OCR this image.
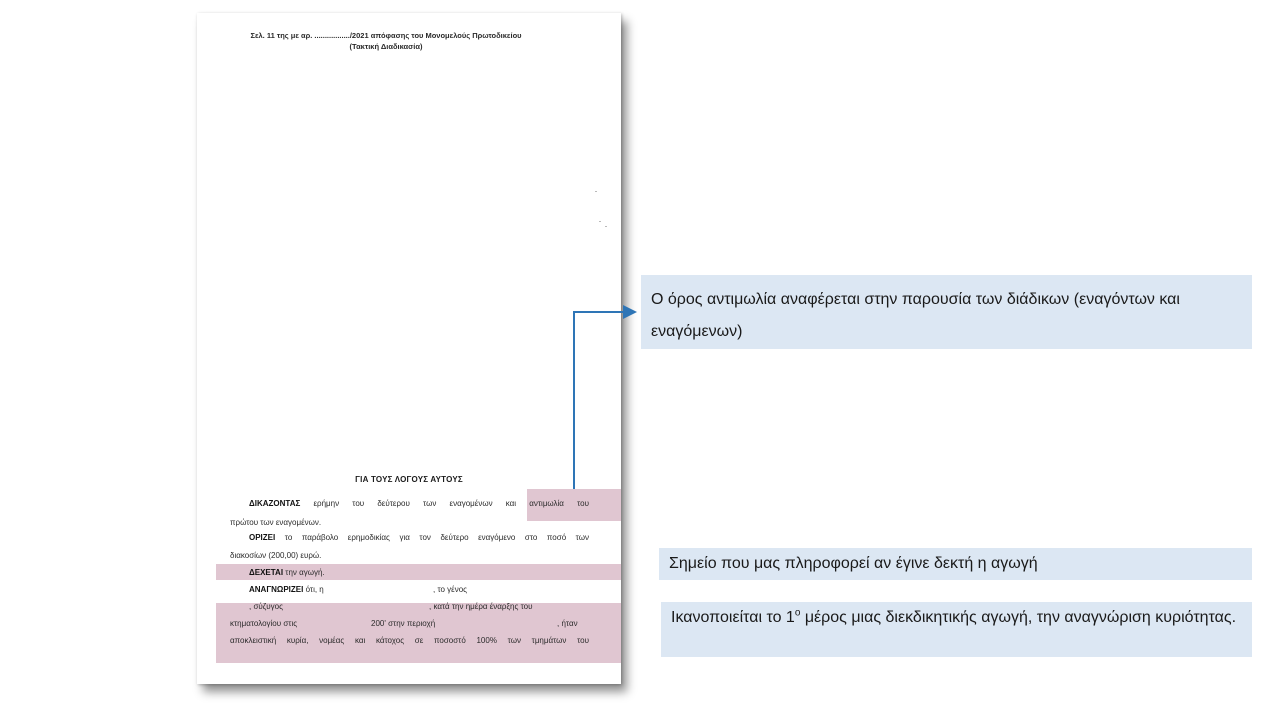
Σελ. 11 της με αρ. ................./2021 απόφασης του Μονομελούς Πρωτοδικείου
(Τακτική Διαδικασία)
ΓΙΑ ΤΟΥΣ ΛΟΓΟΥΣ ΑΥΤΟΥΣ
ΔΙΚΑΖΟΝΤΑΣ ερήμην του δεύτερου των εναγομένων και αντιμωλία του
πρώτου των εναγομένων.
ΟΡΙΖΕΙ το παράβολο ερημοδικίας για τον δεύτερο εναγόμενο στο ποσό των
διακοσίων (200,00) ευρώ.
ΔΕΧΕΤΑΙ την αγωγή.
ΑΝΑΓΝΩΡΙΖΕΙ ότι, η	, το γένος
, σύζυγος	, κατά την ημέρα έναρξης του
κτηματολογίου στις	200' στην περιοχή	, ήταν
αποκλειστική κυρία, νομέας και κάτοχος σε ποσοστό 100% των τμημάτων του
Ο όρος αντιμωλία αναφέρεται στην παρουσία των διάδικων (εναγόντων και εναγόμενων)
Σημείο που μας πληροφορεί αν έγινε δεκτή η αγωγή
Ικανοποιείται το $1^o$ μέρος μιας διεκδικητικής αγωγή, την αναγνώριση κυριότητας.
